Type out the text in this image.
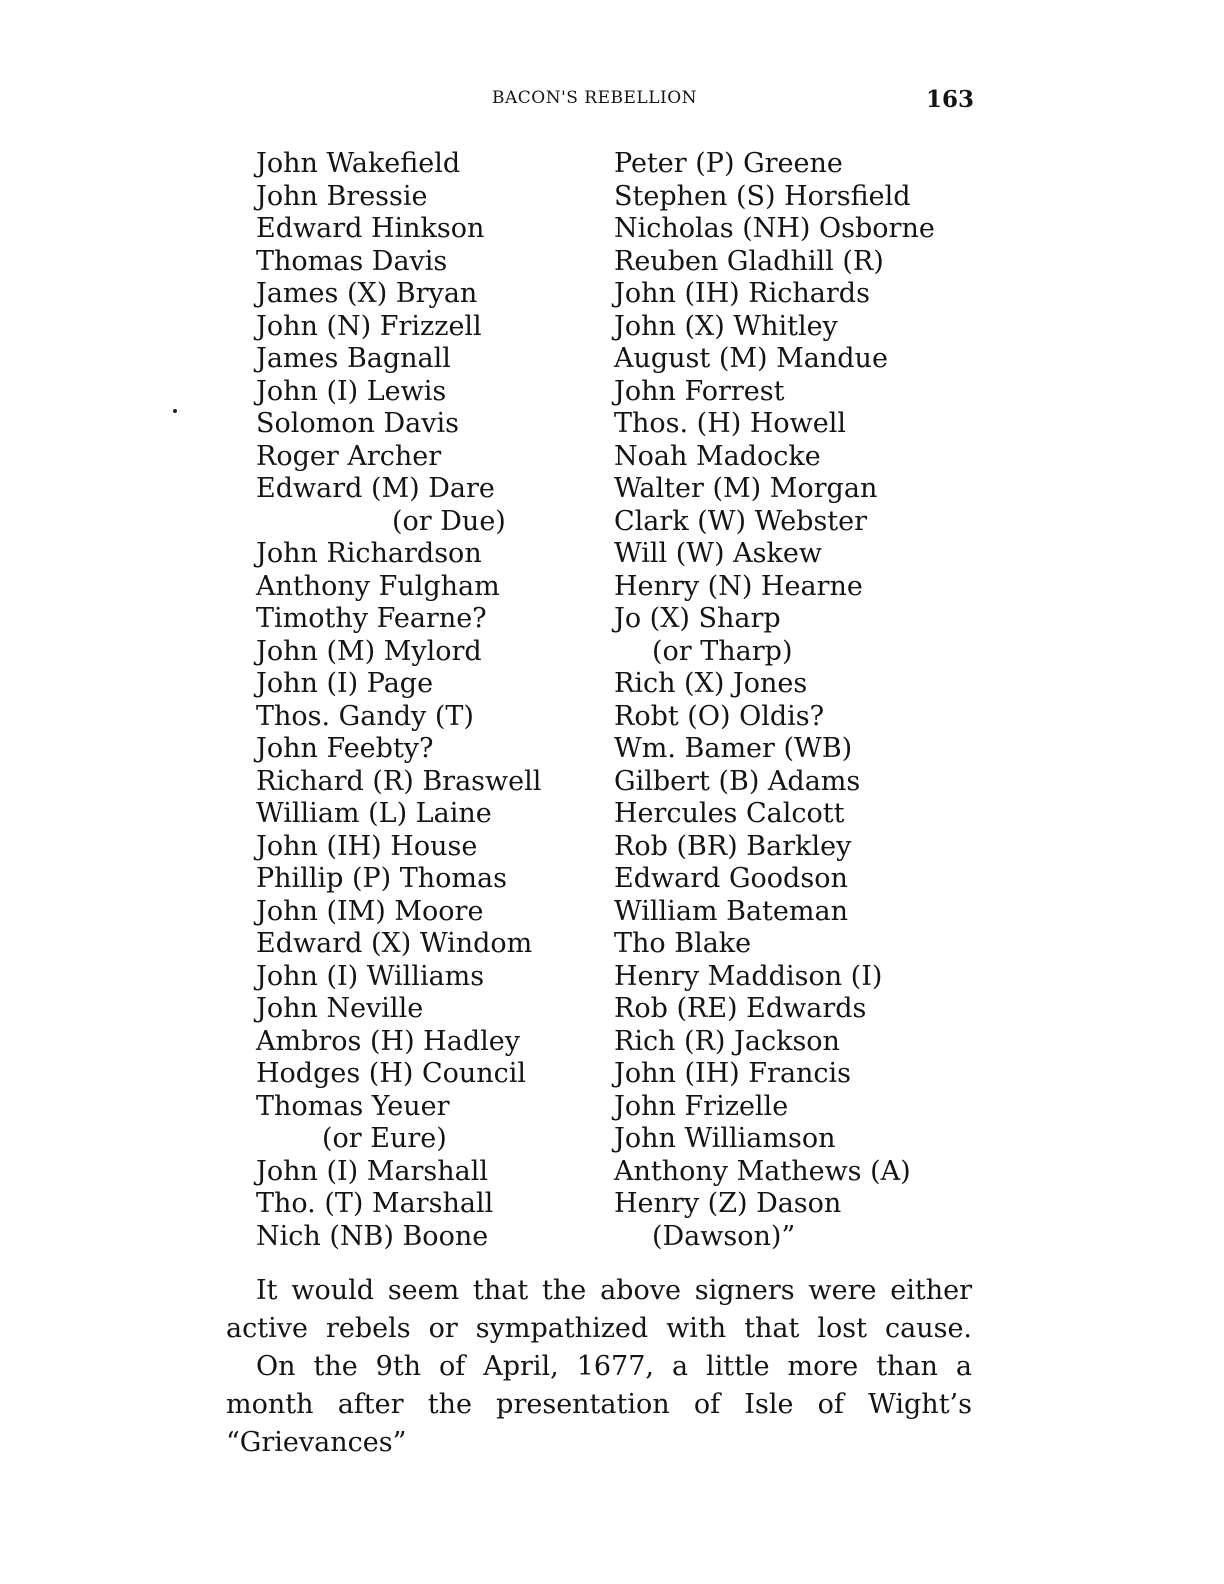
BACON'S REBELLION	163
John Wakefield
John Bressie
Edward Hinkson
Thomas Davis
James (X) Bryan
John (N) Frizzell
James Bagnall
John (I) Lewis
Solomon Davis
Roger Archer
Edward (M) Dare
(or Due)
John Richardson
Anthony Fulgham
Timothy Fearne?
John (M) Mylord
John (I) Page
Thos. Gandy (T)
John Feebty?
Richard (R) Braswell
William (L) Laine
John (IH) House
Phillip (P) Thomas
John (IM) Moore
Edward (X) Windom
John (I) Williams
John Neville
Ambros (H) Hadley
Hodges (H) Council
Thomas Yeuer
(or Eure)
John (I) Marshall
Tho. (T) Marshall
Nich (NB) Boone
Peter (P) Greene
Stephen (S) Horsfield
Nicholas (NH) Osborne
Reuben Gladhill (R)
John (IH) Richards
John (X) Whitley
August (M) Mandue
John Forrest
Thos. (H) Howell
Noah Madocke
Walter (M) Morgan
Clark (W) Webster
Will (W) Askew
Henry (N) Hearne
Jo (X) Sharp
(or Tharp)
Rich (X) Jones
Robt (O) Oldis?
Wm. Bamer (WB)
Gilbert (B) Adams
Hercules Calcott
Rob (BR) Barkley
Edward Goodson
William Bateman
Tho Blake
Henry Maddison (I)
Rob (RE) Edwards
Rich (R) Jackson
John (IH) Francis
John Frizelle
John Williamson
Anthony Mathews (A)
Henry (Z) Dason
(Dawson)”

It would seem that the above signers were either active rebels or sympathized with that lost cause.

On the 9th of April, 1677, a little more than a month after the presentation of Isle of Wight’s “Grievances”
